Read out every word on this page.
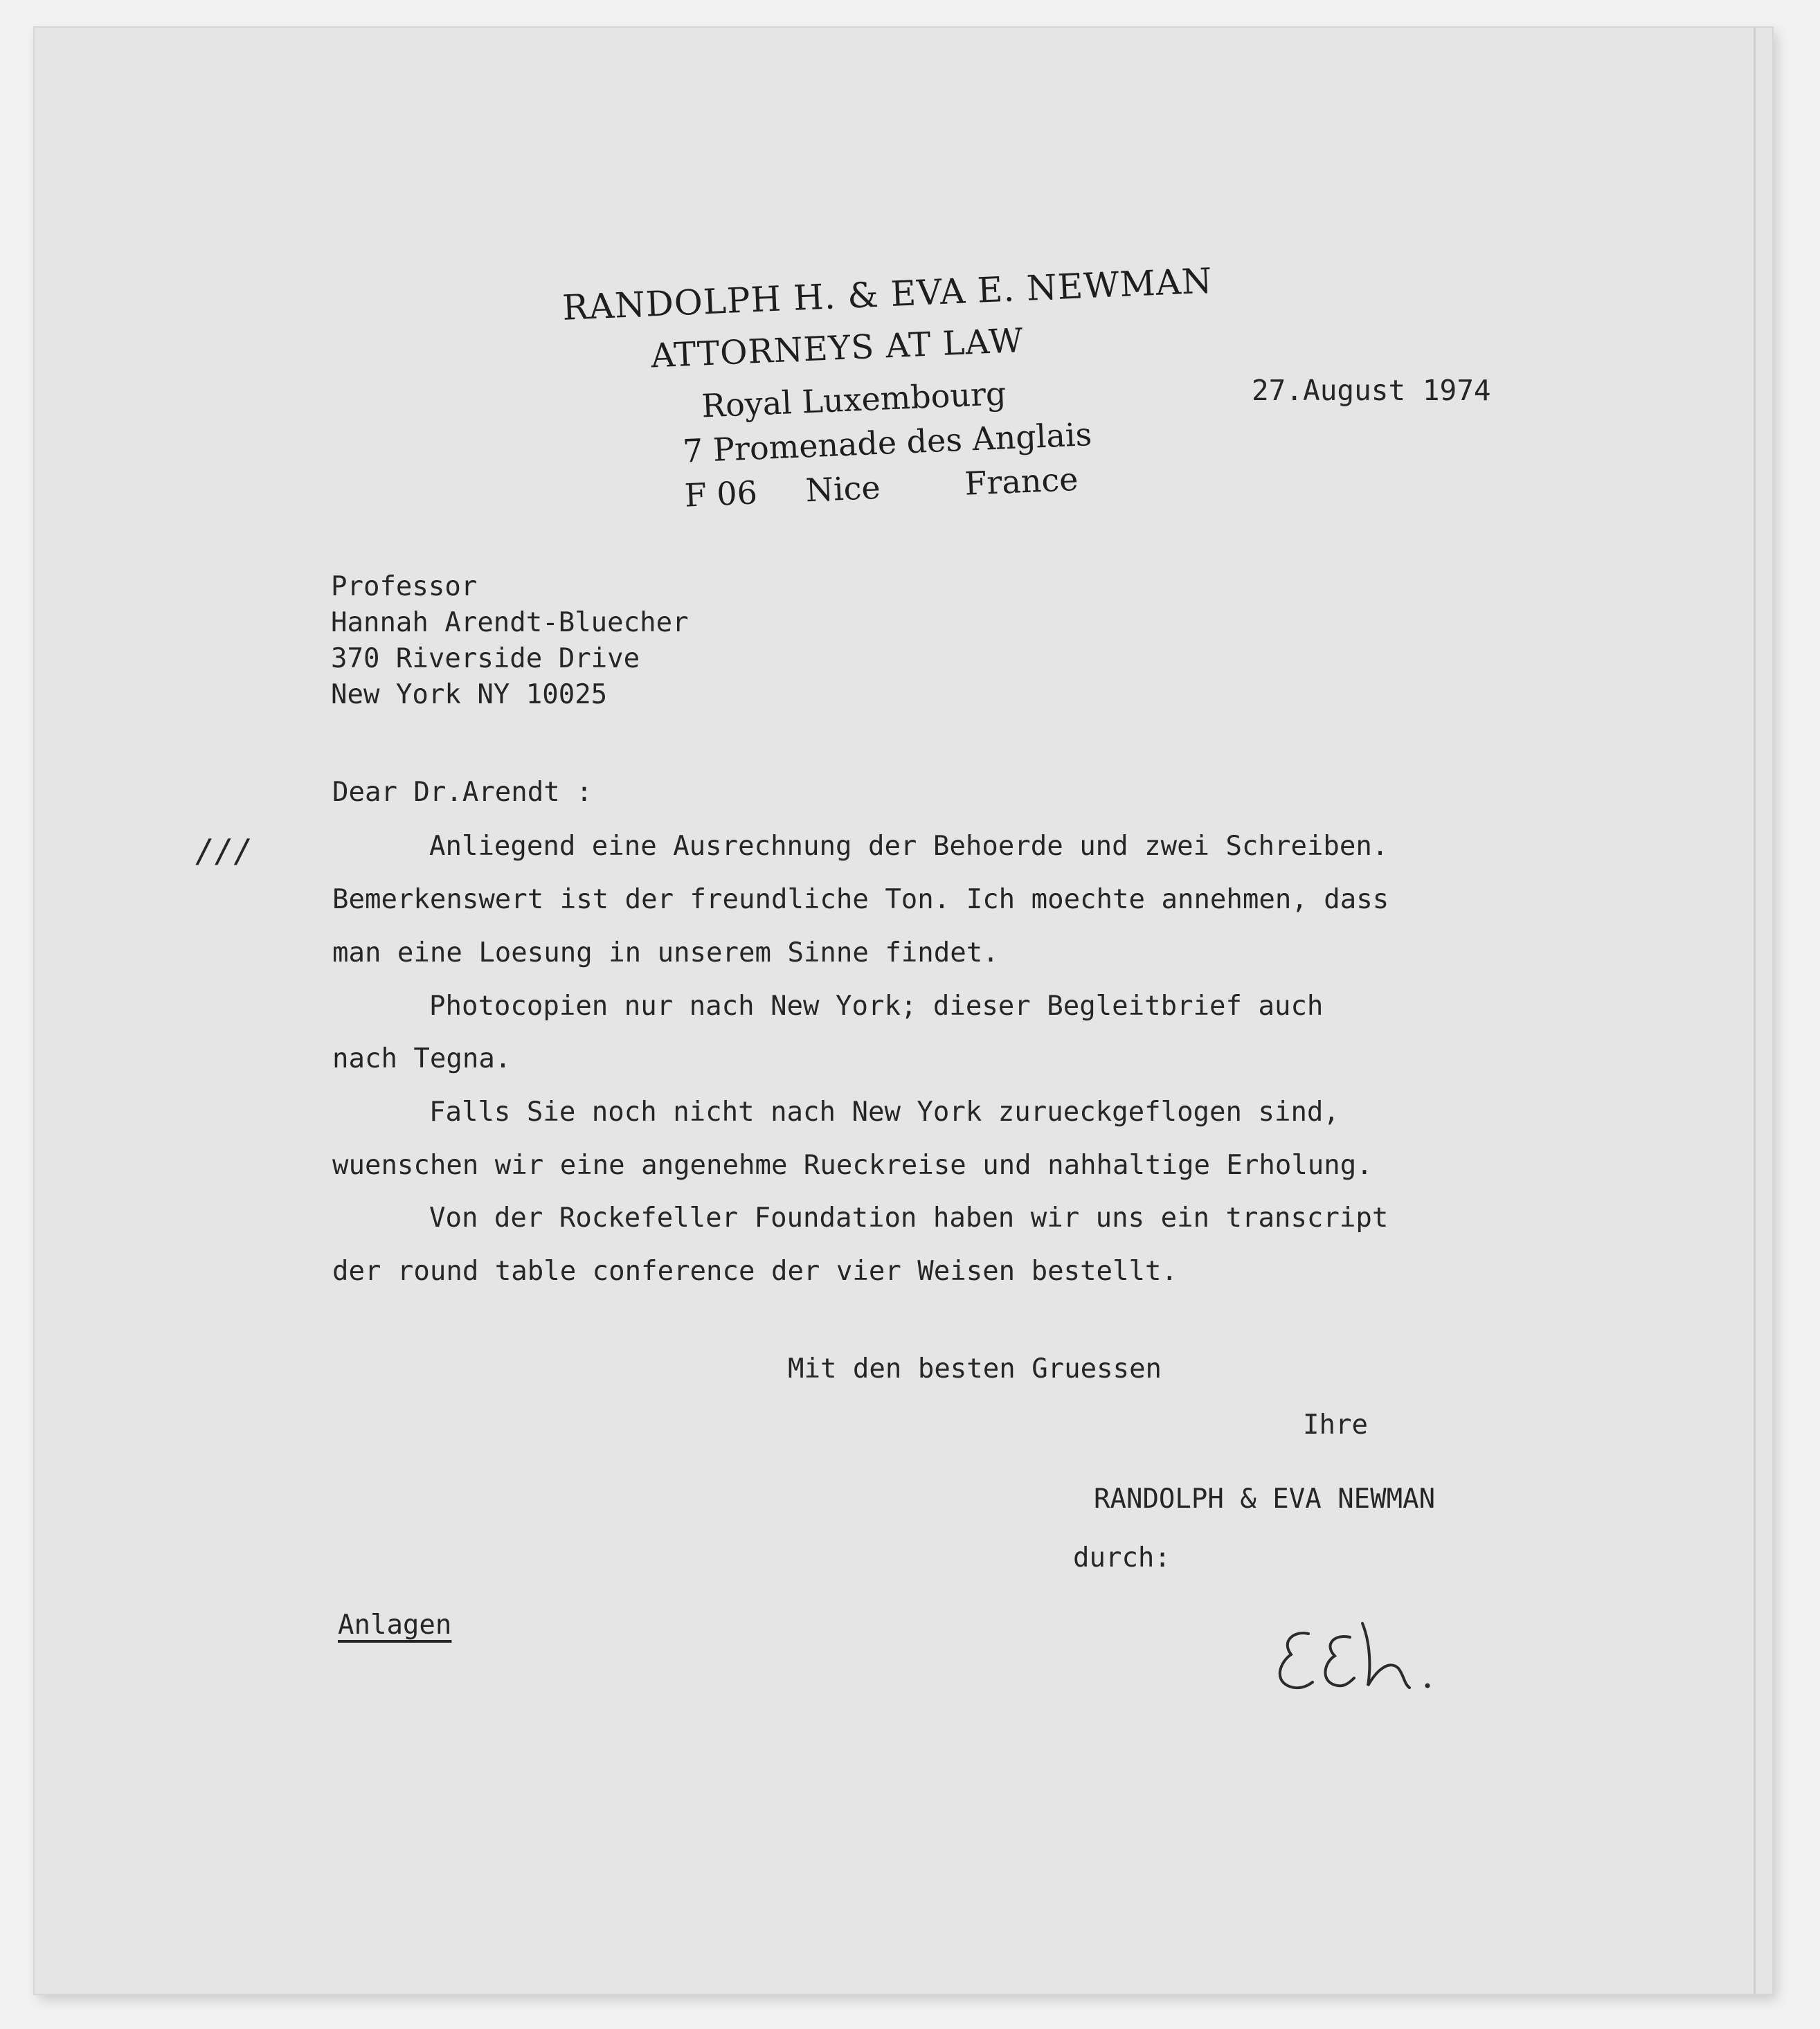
RANDOLPH H. & EVA E. NEWMAN
ATTORNEYS AT LAW
Royal Luxembourg
7 Promenade des Anglais
F 06 Nice	France
27.August 1974
Professor
Hannah Arendt-Bluecher
370 Riverside Drive
New York NY 10025
Dear Dr.Arendt :
///	Anliegend eine Ausrechnung der Behoerde und zwei Schreiben.
Bemerkenswert ist der freundliche Ton. Ich moechte annehmen, dass
man eine Loesung in unserem Sinne findet.
Photocopien nur nach New York; dieser Begleitbrief auch
nach Tegna.
Falls Sie noch nicht nach New York zurueckgeflogen sind,
wuenschen wir eine angenehme Rueckreise und nahhaltige Erholung.
Von der Rockefeller Foundation haben wir uns ein transcript
der round table conference der vier Weisen bestellt.
Mit den besten Gruessen
Ihre
RANDOLPH & EVA NEWMAN
durch:
Anlagen
